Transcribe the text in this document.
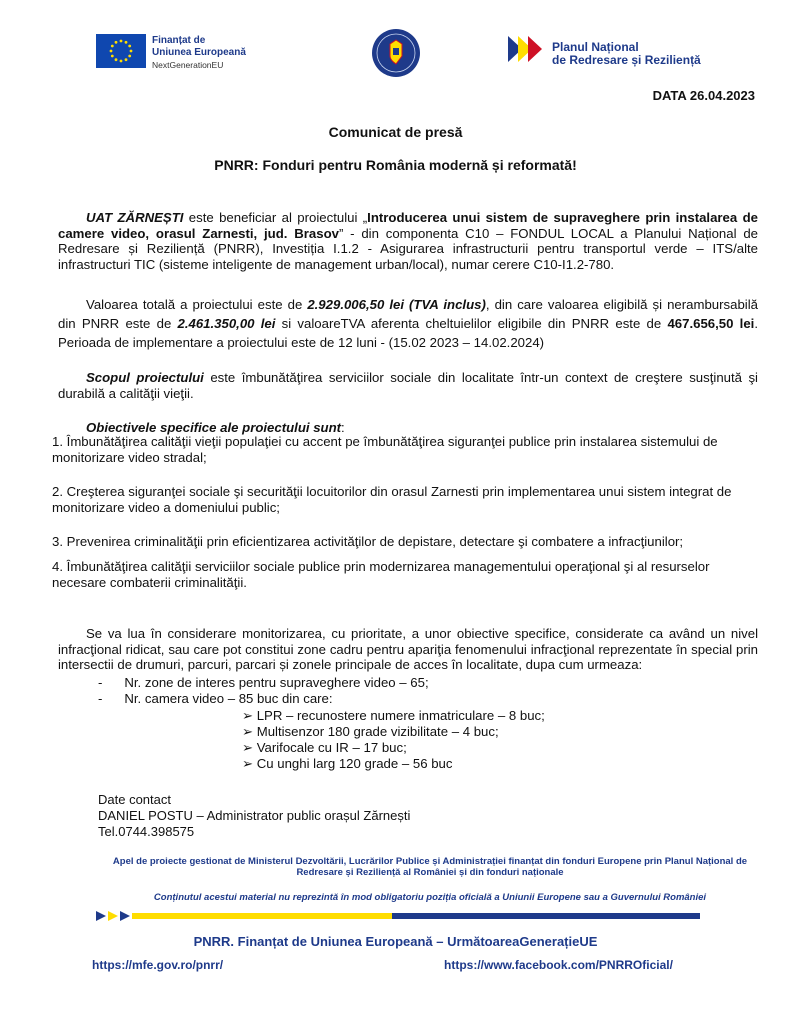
Finanțat de
Uniunea Europeană
NextGenerationEU
Planul Național
de Redresare și Reziliență
DATA 26.04.2023
Comunicat de presă
PNRR: Fonduri pentru România modernă și reformată!
UAT ZĂRNEȘTI este beneficiar al proiectului „Introducerea unui sistem de supraveghere prin instalarea de camere video, orasul Zarnesti, jud. Brasov” - din componenta C10 – FONDUL LOCAL a Planului Național de Redresare și Reziliență (PNRR), Investiția I.1.2 - Asigurarea infrastructurii pentru transportul verde – ITS/alte infrastructuri TIC (sisteme inteligente de management urban/local), numar cerere C10-I1.2-780.
Valoarea totală a proiectului este de 2.929.006,50 lei (TVA inclus), din care valoarea eligibilă și nerambursabilă din PNRR este de 2.461.350,00 lei si valoareTVA aferenta cheltuielilor eligibile din PNRR este de 467.656,50 lei. Perioada de implementare a proiectului este de 12 luni - (15.02 2023 – 14.02.2024)
Scopul proiectului este îmbunătăţirea serviciilor sociale din localitate într-un context de creştere susţinută şi durabilă a calităţii vieţii.
Obiectivele specifice ale proiectului sunt:
1. Îmbunătăţirea calităţii vieţii populaţiei cu accent pe îmbunătăţirea siguranţei publice prin instalarea sistemului de monitorizare video stradal;
2. Creşterea siguranţei sociale şi securităţii locuitorilor din orasul Zarnesti prin implementarea unui sistem integrat de monitorizare video a domeniului public;
3. Prevenirea criminalităţii prin eficientizarea activităţilor de depistare, detectare şi combatere a infracţiunilor;
4. Îmbunătăţirea calităţii serviciilor sociale publice prin modernizarea managementului operaţional şi al resurselor necesare combaterii criminalităţii.
Se va lua în considerare monitorizarea, cu prioritate, a unor obiective specifice, considerate ca având un nivel infracţional ridicat, sau care pot constitui zone cadru pentru apariţia fenomenului infracţional reprezentate în special prin intersectii de drumuri, parcuri, parcari și zonele principale de acces în localitate, dupa cum urmeaza:
-      Nr. zone de interes pentru supraveghere video – 65;
-      Nr. camera video – 85 buc din care:
➢ LPR – recunostere numere inmatriculare – 8 buc;
➢ Multisenzor 180 grade vizibilitate – 4 buc;
➢ Varifocale cu IR – 17 buc;
➢ Cu unghi larg 120 grade – 56 buc
Date contact
DANIEL POSTU – Administrator public orașul Zărnești
Tel.0744.398575
Apel de proiecte gestionat de Ministerul Dezvoltării, Lucrărilor Publice și Administrației finanțat din fonduri Europene prin Planul Național de Redresare și Reziliență al României și din fonduri naționale
Conținutul acestui material nu reprezintă în mod obligatoriu poziția oficială a Uniunii Europene sau a Guvernului României
PNRR. Finanțat de Uniunea Europeană – UrmătoareaGenerațieUE
https://mfe.gov.ro/pnrr/	https://www.facebook.com/PNRROficial/
